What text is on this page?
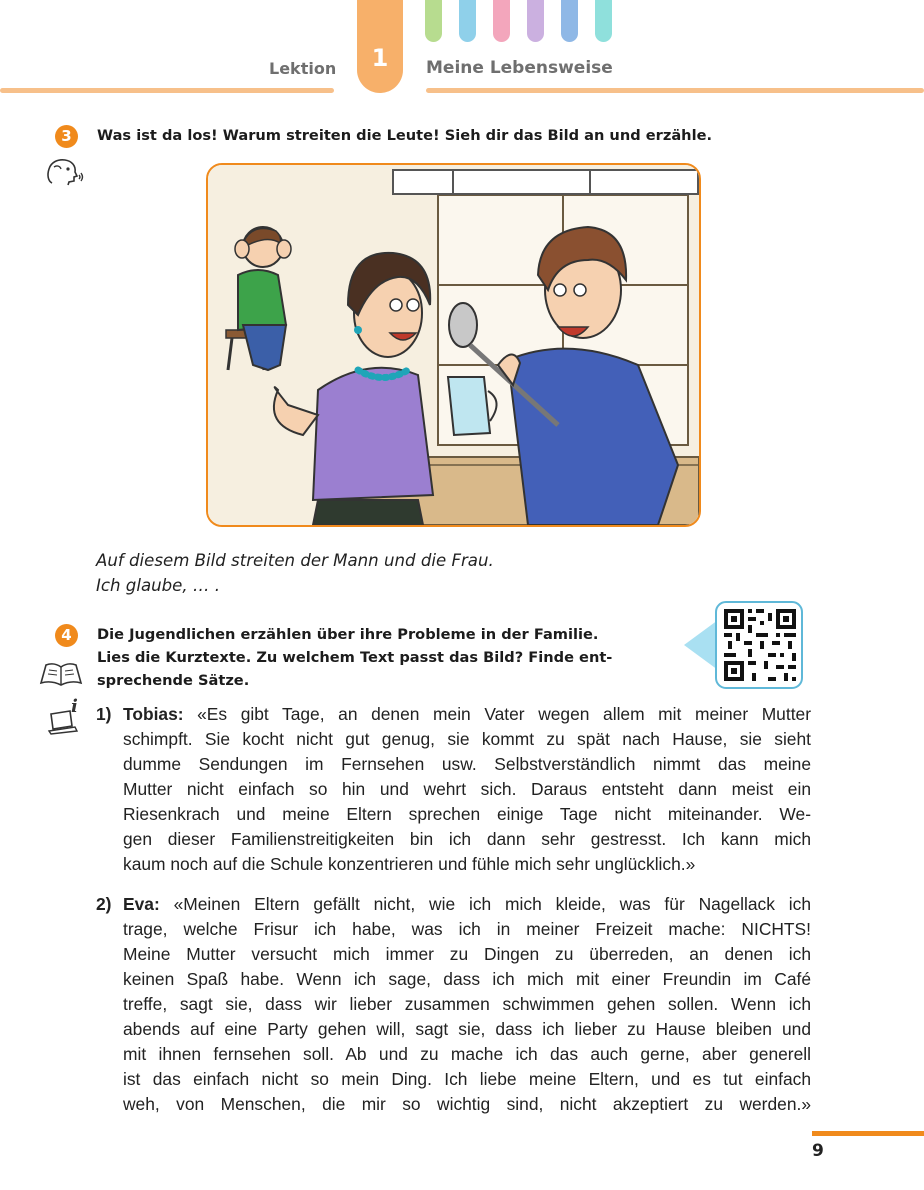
1
Lektion	Meine Lebensweise
3	Was ist da los! Warum streiten die Leute! Sieh dir das Bild an und erzähle.
Auf diesem Bild streiten der Mann und die Frau.
Ich glaube, … .
4	Die Jugendlichen erzählen über ihre Probleme in der Familie.
Lies die Kurztexte. Zu welchem Text passt das Bild? Finde ent-
sprechende Sätze.
i 1) Tobias: «Es gibt Tage, an denen mein Vater wegen allem mit meiner Mutter
schimpft. Sie kocht nicht gut genug, sie kommt zu spät nach Hause, sie sieht
dumme Sendungen im Fernsehen usw. Selbstverständlich nimmt das meine
Mutter nicht einfach so hin und wehrt sich. Daraus entsteht dann meist ein
Riesenkrach und meine Eltern sprechen einige Tage nicht miteinander. We-
gen dieser Familienstreitigkeiten bin ich dann sehr gestresst. Ich kann mich
kaum noch auf die Schule konzentrieren und fühle mich sehr unglücklich.»
2) Eva: «Meinen Eltern gefällt nicht, wie ich mich kleide, was für Nagellack ich
trage, welche Frisur ich habe, was ich in meiner Freizeit mache: NICHTS!
Meine Mutter versucht mich immer zu Dingen zu überreden, an denen ich
keinen Spaß habe. Wenn ich sage, dass ich mich mit einer Freundin im Café
treffe, sagt sie, dass wir lieber zusammen schwimmen gehen sollen. Wenn ich
abends auf eine Party gehen will, sagt sie, dass ich lieber zu Hause bleiben und
mit ihnen fernsehen soll. Ab und zu mache ich das auch gerne, aber generell
ist das einfach nicht so mein Ding. Ich liebe meine Eltern, und es tut einfach
weh, von Menschen, die mir so wichtig sind, nicht akzeptiert zu werden.»
9
